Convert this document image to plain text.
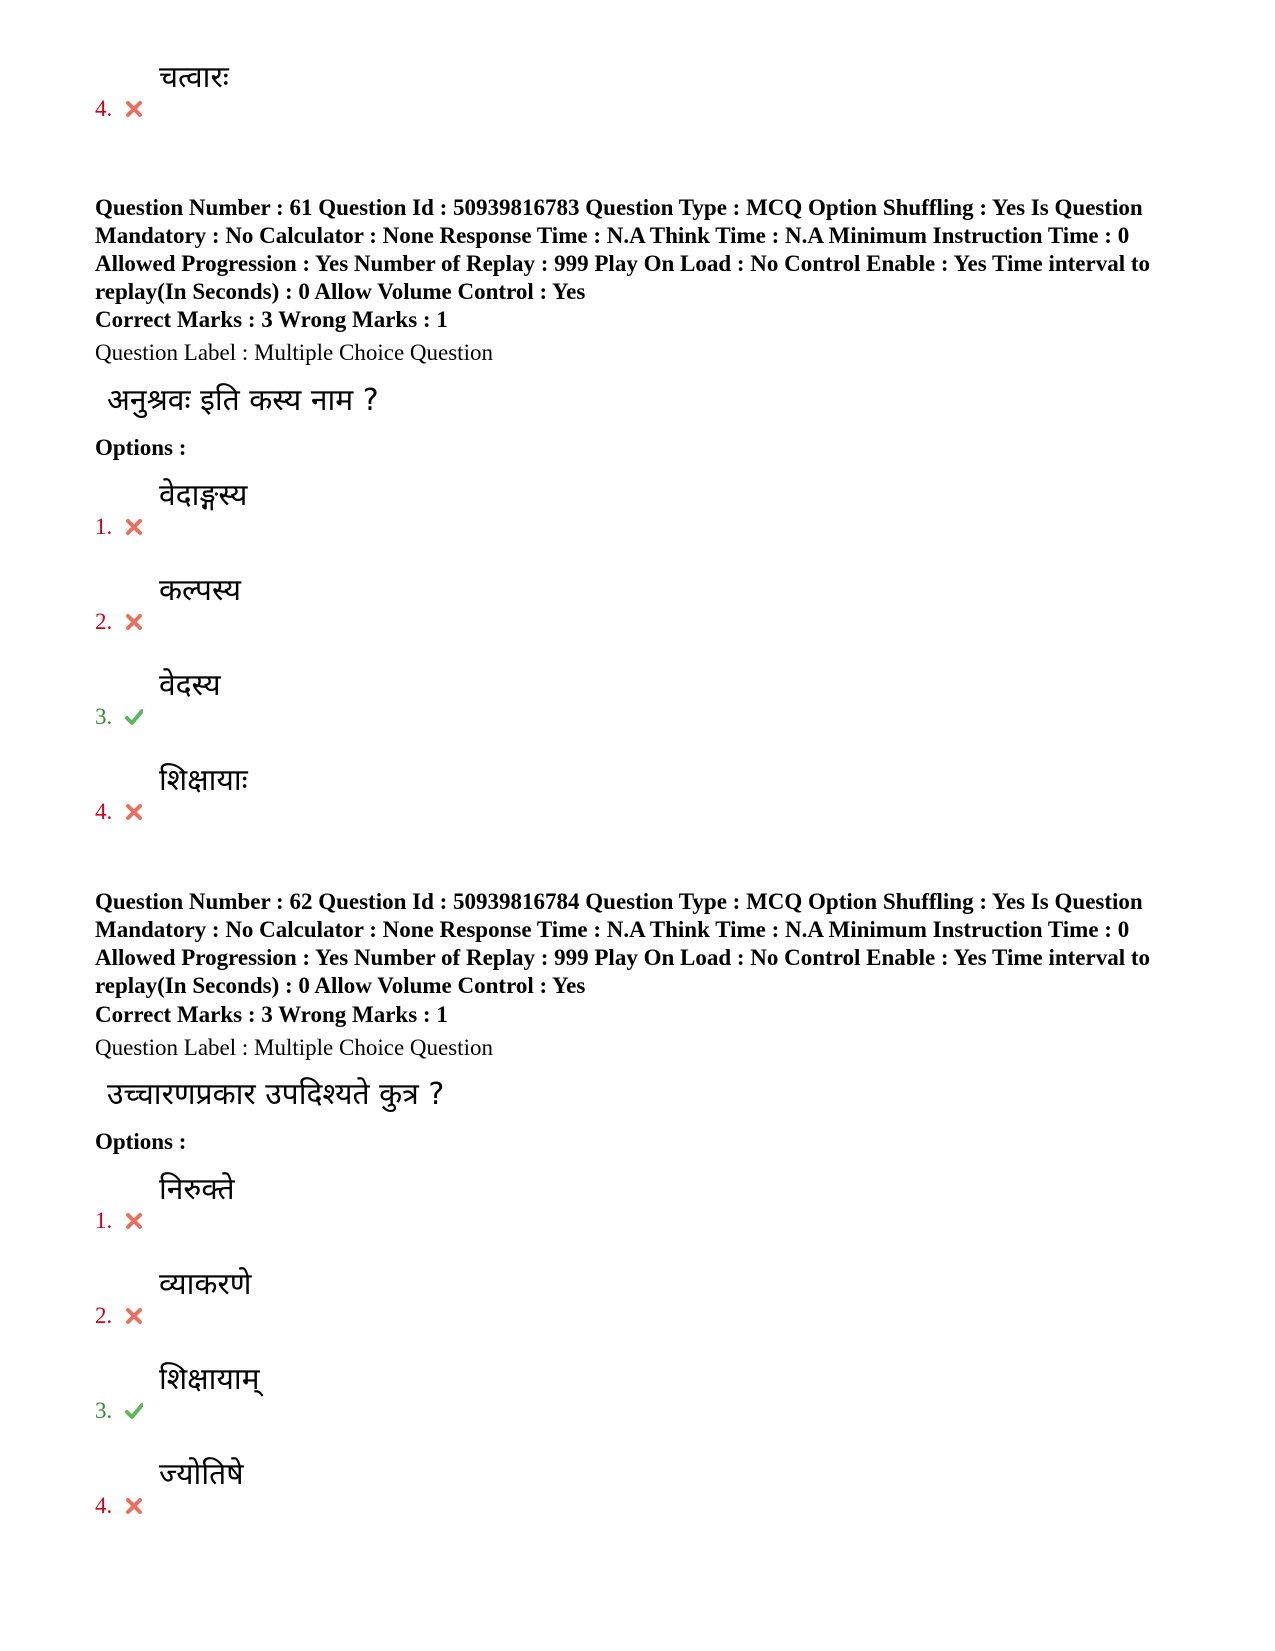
4.
चत्वारः
Question Number : 61 Question Id : 50939816783 Question Type : MCQ Option Shuffling : Yes Is Question Mandatory : No Calculator : None Response Time : N.A Think Time : N.A Minimum Instruction Time : 0 Allowed Progression : Yes Number of Replay : 999 Play On Load : No Control Enable : Yes Time interval to replay(In Seconds) : 0 Allow Volume Control : Yes
Correct Marks : 3 Wrong Marks : 1
Question Label : Multiple Choice Question
अनुश्रवः इति कस्य नाम ?
Options :
1.
वेदाङ्गस्य
2.
कल्पस्य
3.
वेदस्य
4.
शिक्षायाः
Question Number : 62 Question Id : 50939816784 Question Type : MCQ Option Shuffling : Yes Is Question Mandatory : No Calculator : None Response Time : N.A Think Time : N.A Minimum Instruction Time : 0 Allowed Progression : Yes Number of Replay : 999 Play On Load : No Control Enable : Yes Time interval to replay(In Seconds) : 0 Allow Volume Control : Yes
Correct Marks : 3 Wrong Marks : 1
Question Label : Multiple Choice Question
उच्चारणप्रकार उपदिश्यते कुत्र ?
Options :
1.
निरुक्ते
2.
व्याकरणे
3.
शिक्षायाम्
4.
ज्योतिषे
